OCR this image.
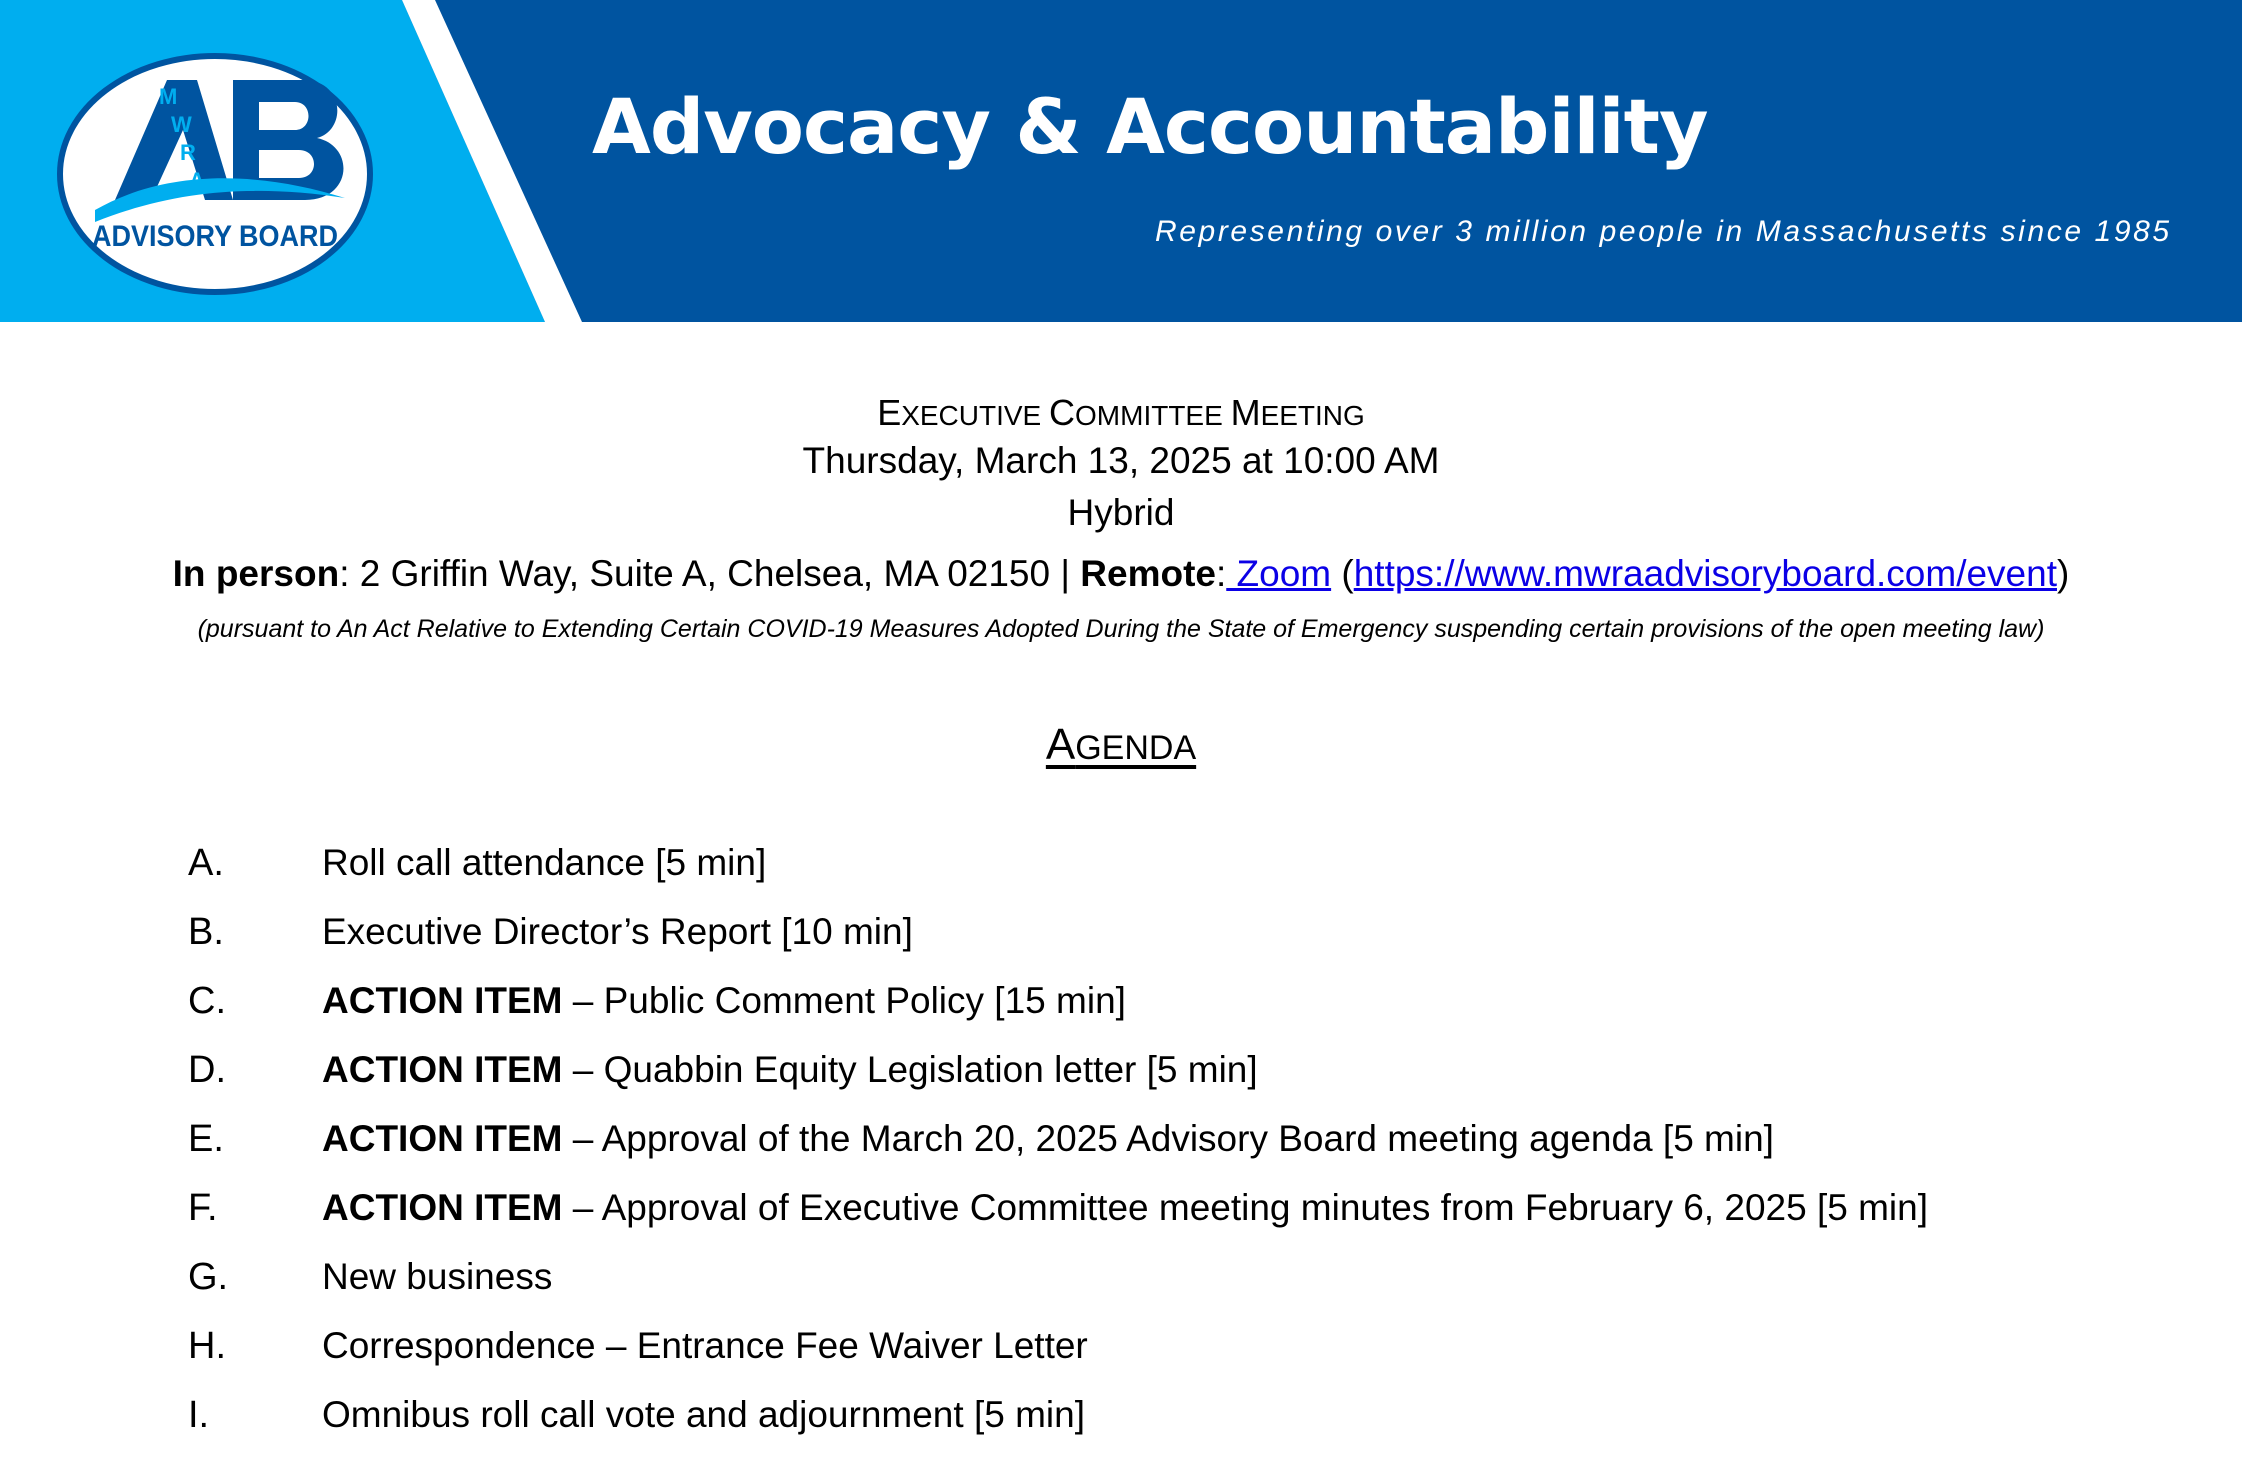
M
W
R
A
ADVISORY BOARD
Advocacy & Accountability
Representing over 3 million people in Massachusetts since 1985
EXECUTIVE COMMITTEE MEETING
Thursday, March 13, 2025 at 10:00 AM
Hybrid
In person: 2 Griffin Way, Suite A, Chelsea, MA 02150 | Remote: Zoom (https://www.mwraadvisoryboard.com/event)
(pursuant to An Act Relative to Extending Certain COVID-19 Measures Adopted During the State of Emergency suspending certain provisions of the open meeting law)
AGENDA
A.	Roll call attendance [5 min]
B.	Executive Director’s Report [10 min]
C.	ACTION ITEM – Public Comment Policy [15 min]
D.	ACTION ITEM – Quabbin Equity Legislation letter [5 min]
E.	ACTION ITEM – Approval of the March 20, 2025 Advisory Board meeting agenda [5 min]
F.	ACTION ITEM – Approval of Executive Committee meeting minutes from February 6, 2025 [5 min]
G.	New business
H.	Correspondence – Entrance Fee Waiver Letter
I.	Omnibus roll call vote and adjournment [5 min]
